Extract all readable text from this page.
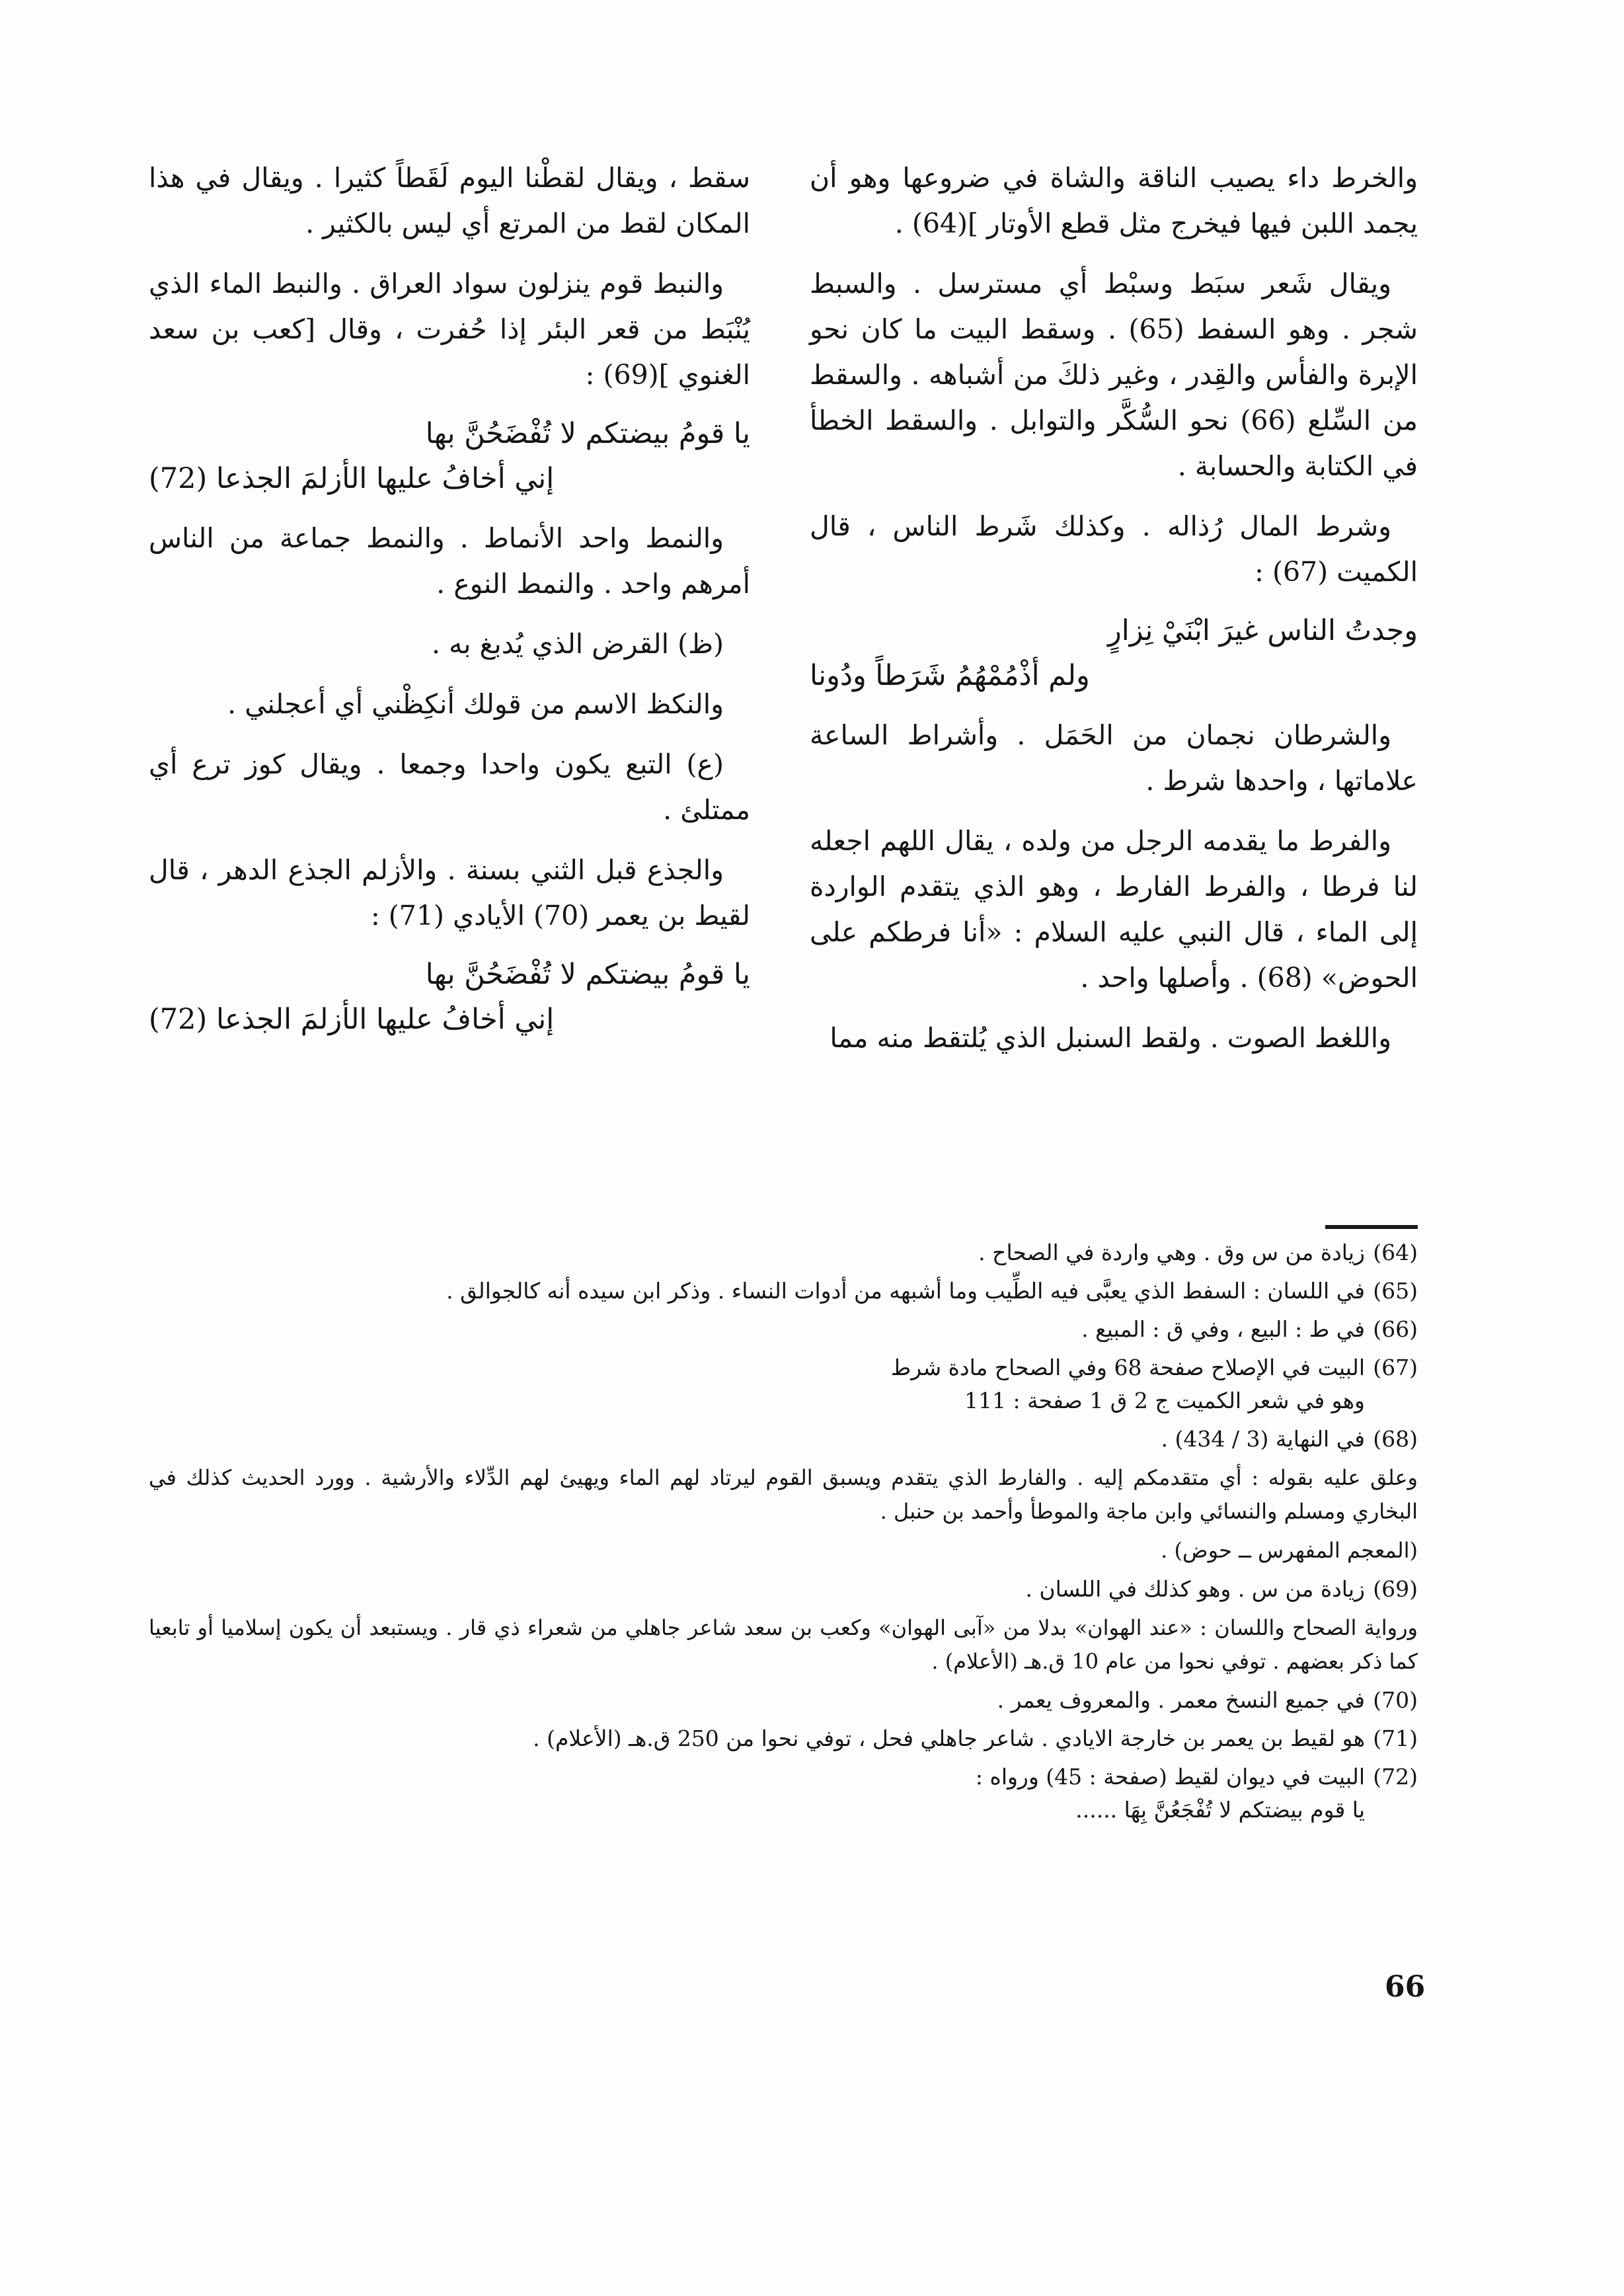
والخرط داء يصيب الناقة والشاة في ضروعها وهو أن يجمد اللبن فيها فيخرج مثل قطع الأوتار ](64) .

ويقال شَعر سبَط وسبْط أي مسترسل . والسبط شجر . وهو السفط (65) . وسقط البيت ما كان نحو الإبرة والفأس والقِدر ، وغير ذلكَ من أشباهه . والسقط من السِّلع (66) نحو السُّكَّر والتوابل . والسقط الخطأ في الكتابة والحسابة .

وشرط المال رُذاله . وكذلك شَرط الناس ، قال الكميت (67) :

وجدتُ الناس غيرَ ابْنَيْ نِزارٍ
ولم أذْمُمْهُمُ شَرَطاً ودُونا

والشرطان نجمان من الحَمَل . وأشراط الساعة علاماتها ، واحدها شرط .

والفرط ما يقدمه الرجل من ولده ، يقال اللهم اجعله لنا فرطا ، والفرط الفارط ، وهو الذي يتقدم الواردة إلى الماء ، قال النبي عليه السلام : «أنا فرطكم على الحوض» (68) . وأصلها واحد .

واللغط الصوت . ولقط السنبل الذي يُلتقط منه مما

سقط ، ويقال لقطْنا اليوم لَقَطاً كثيرا . ويقال في هذا المكان لقط من المرتع أي ليس بالكثير .

والنبط قوم ينزلون سواد العراق . والنبط الماء الذي يُنْبَط من قعر البئر إذا حُفرت ، وقال [كعب بن سعد الغنوي ](69) :

يا قومُ بيضتكم لا تُفْضَحُنَّ بها
إني أخافُ عليها الأزلمَ الجذعا (72)

والنمط واحد الأنماط . والنمط جماعة من الناس أمرهم واحد . والنمط النوع .

(ظ) القرض الذي يُدبغ به .

والنكظ الاسم من قولك أنكِظْني أي أعجلني .

(ع) التبع يكون واحدا وجمعا . ويقال كوز ترع أي ممتلئ .

والجذع قبل الثني بسنة . والأزلم الجذع الدهر ، قال لقيط بن يعمر (70) الأيادي (71) :

يا قومُ بيضتكم لا تُفْضَحُنَّ بها
إني أخافُ عليها الأزلمَ الجذعا (72)
(64)
زيادة من س وق . وهي واردة في الصحاح .
(65)
في اللسان : السفط الذي يعبَّى فيه الطِّيب وما أشبهه من أدوات النساء . وذكر ابن سيده أنه كالجوالق .
(66)
في ط : البيع ، وفي ق : المبيع .
(67)
البيت في الإصلاح صفحة 68 وفي الصحاح مادة شرط
وهو في شعر الكميت ج 2 ق 1 صفحة : 111
(68)
في النهاية (3 / 434) .
وعلق عليه بقوله : أي متقدمكم إليه . والفارط الذي يتقدم ويسبق القوم ليرتاد لهم الماء ويهيئ لهم الدِّلاء والأرشية . وورد الحديث كذلك في البخاري ومسلم والنسائي وابن ماجة والموطأ وأحمد بن حنبل .
(المعجم المفهرس ــ حوض) .
(69)
زيادة من س . وهو كذلك في اللسان .
ورواية الصحاح واللسان : «عند الهوان» بدلا من «آبى الهوان» وكعب بن سعد شاعر جاهلي من شعراء ذي قار . ويستبعد أن يكون إسلاميا أو تابعيا كما ذكر بعضهم . توفي نحوا من عام 10 ق.هـ (الأعلام) .
(70)
في جميع النسخ معمر . والمعروف يعمر .
(71)
هو لقيط بن يعمر بن خارجة الايادي . شاعر جاهلي فحل ، توفي نحوا من 250 ق.هـ (الأعلام) .
(72)
البيت في ديوان لقيط (صفحة : 45) ورواه :
يا قوم بيضتكم لا تُفْجَعُنَّ بِهَا ......
66
